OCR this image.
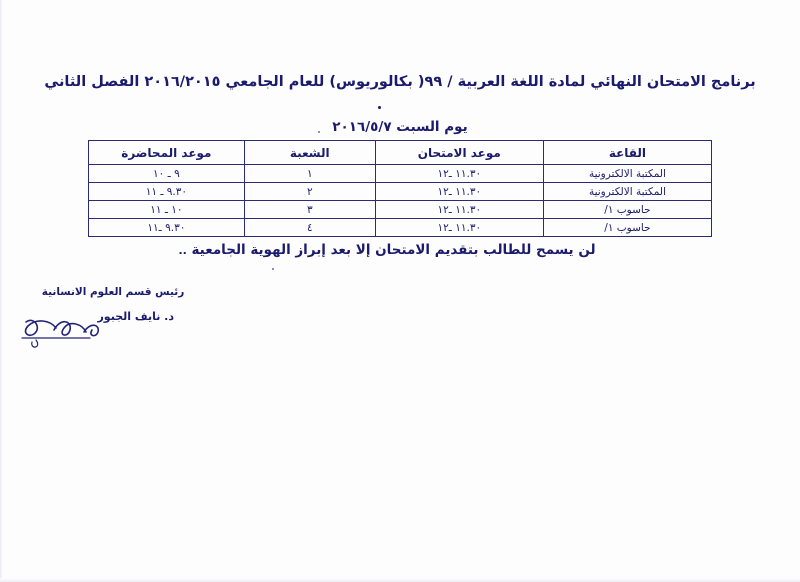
برنامج الامتحان النهائي لمادة اللغة العربية / ٩٩( بكالوريوس) للعام الجامعي ٢٠١٦/٢٠١٥ الفصل الثاني
يوم السبت ٢٠١٦/٥/٧
القاعة	موعد الامتحان	الشعبة	موعد المحاضرة
المكتبة الالكترونية	١١.٣٠ ـ١٢	١	٩ ـ ١٠
المكتبة الالكترونية	١١.٣٠ ـ١٢	٢	٩.٣٠ ـ ١١
حاسوب ١/	١١.٣٠ ـ١٢	٣	١٠ ـ ١١
حاسوب ١/	١١.٣٠ ـ١٢	٤	٩.٣٠ ـ١١
لن يسمح للطالب بتقديم الامتحان إلا بعد إبراز الهوية الجامعية ..
رئيس قسم العلوم الانسانية
د. نايف الجبور
